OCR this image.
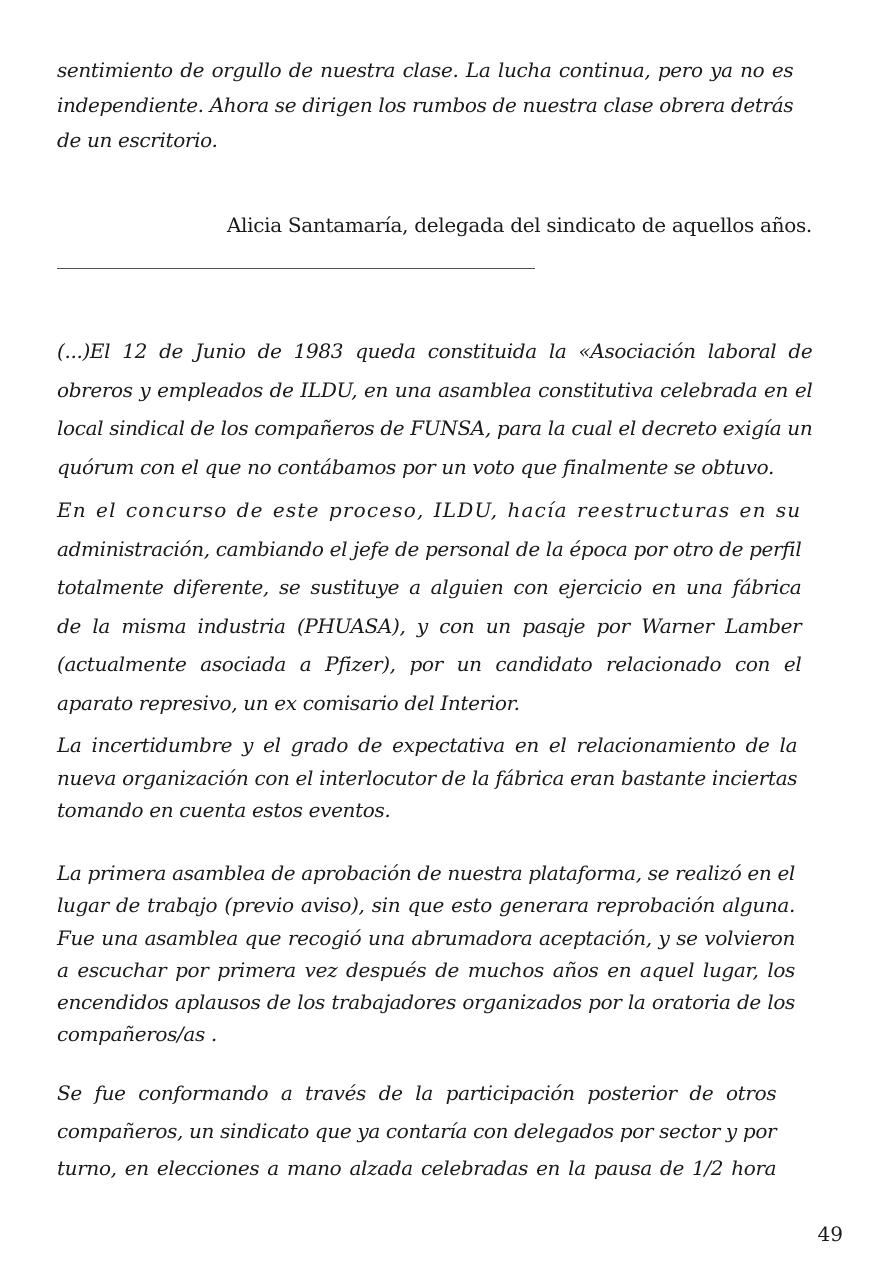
sentimiento de orgullo de nuestra clase. La lucha continua, pero ya no es
independiente. Ahora se dirigen los rumbos de nuestra clase obrera detrás
de un escritorio.

Alicia Santamaría, delegada del sindicato de aquellos años.

(...)El 12 de Junio de 1983 queda constituida la «Asociación laboral de
obreros y empleados de ILDU, en una asamblea constitutiva celebrada en el
local sindical de los compañeros de FUNSA, para la cual el decreto exigía un
quórum con el que no contábamos por un voto que finalmente se obtuvo.

En el concurso de este proceso, ILDU, hacía reestructuras en su
administración, cambiando el jefe de personal de la época por otro de perfil
totalmente diferente, se sustituye a alguien con ejercicio en una fábrica
de la misma industria (PHUASA), y con un pasaje por Warner Lamber
(actualmente asociada a Pfizer), por un candidato relacionado con el
aparato represivo, un ex comisario del Interior.

La incertidumbre y el grado de expectativa en el relacionamiento de la
nueva organización con el interlocutor de la fábrica eran bastante inciertas
tomando en cuenta estos eventos.

La primera asamblea de aprobación de nuestra plataforma, se realizó en el
lugar de trabajo (previo aviso), sin que esto generara reprobación alguna.
Fue una asamblea que recogió una abrumadora aceptación, y se volvieron
a escuchar por primera vez después de muchos años en aquel lugar, los
encendidos aplausos de los trabajadores organizados por la oratoria de los
compañeros/as .

Se fue conformando a través de la participación posterior de otros
compañeros, un sindicato que ya contaría con delegados por sector y por
turno, en elecciones a mano alzada celebradas en la pausa de 1/2 hora

49
